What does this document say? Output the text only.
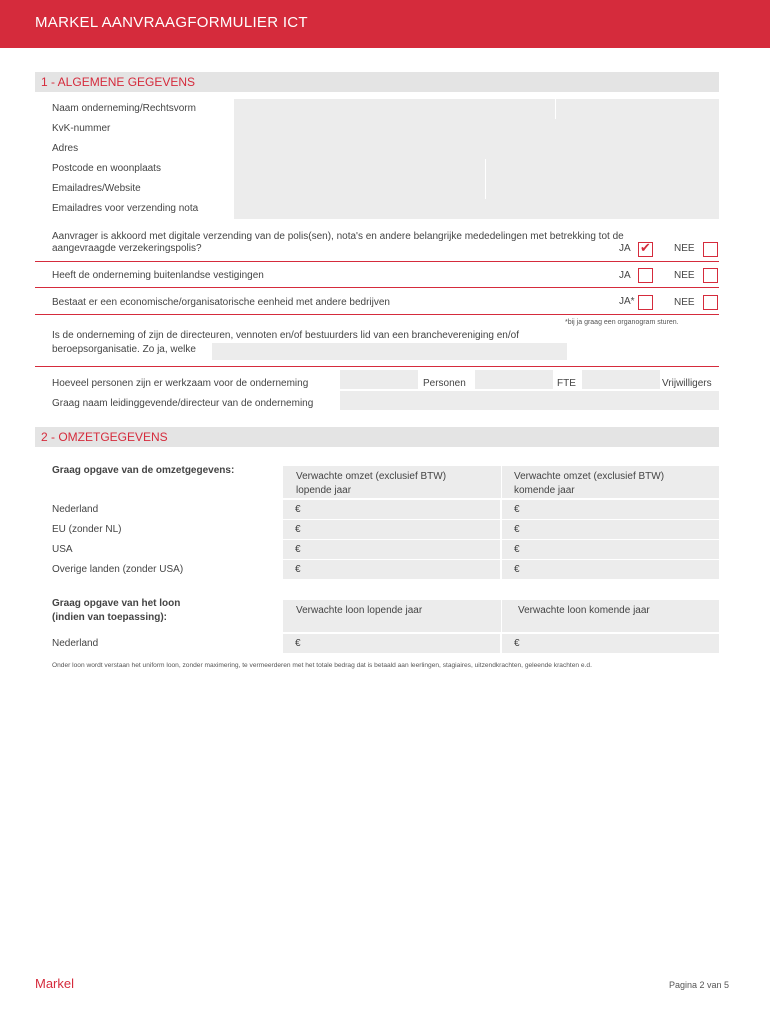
MARKEL AANVRAAGFORMULIER ICT
1 - ALGEMENE GEGEVENS
Naam onderneming/Rechtsvorm
KvK-nummer
Adres
Postcode en woonplaats
Emailadres/Website
Emailadres voor verzending nota
Aanvrager is akkoord met digitale verzending van de polis(sen), nota's en andere belangrijke mededelingen met betrekking tot de
aangevraagde verzekeringspolis?	JA
✔	NEE
Heeft de onderneming buitenlandse vestigingen	JA	NEE
Bestaat er een economische/organisatorische eenheid met andere bedrijven	JA*	NEE
*bij ja graag een organogram sturen.
Is de onderneming of zijn de directeuren, vennoten en/of bestuurders lid van een branchevereniging en/of
beroepsorganisatie. Zo ja, welke
Hoeveel personen zijn er werkzaam voor de onderneming	Personen	FTE	Vrijwilligers
Graag naam leidinggevende/directeur van de onderneming
2 - OMZETGEGEVENS
Graag opgave van de omzetgegevens:
Verwachte omzet (exclusief BTW)
lopende jaar
Verwachte omzet (exclusief BTW)
komende jaar
Nederland	€	€
EU (zonder NL)	€	€
USA	€	€
Overige landen (zonder USA)	€	€
Graag opgave van het loon
(indien van toepassing):
Verwachte loon lopende jaar	Verwachte loon komende jaar
Nederland	€	€
Onder loon wordt verstaan het uniform loon, zonder maximering, te vermeerderen met het totale bedrag dat is betaald aan leerlingen, stagiaires, uitzendkrachten, geleende krachten e.d.
Markel	Pagina 2 van 5
